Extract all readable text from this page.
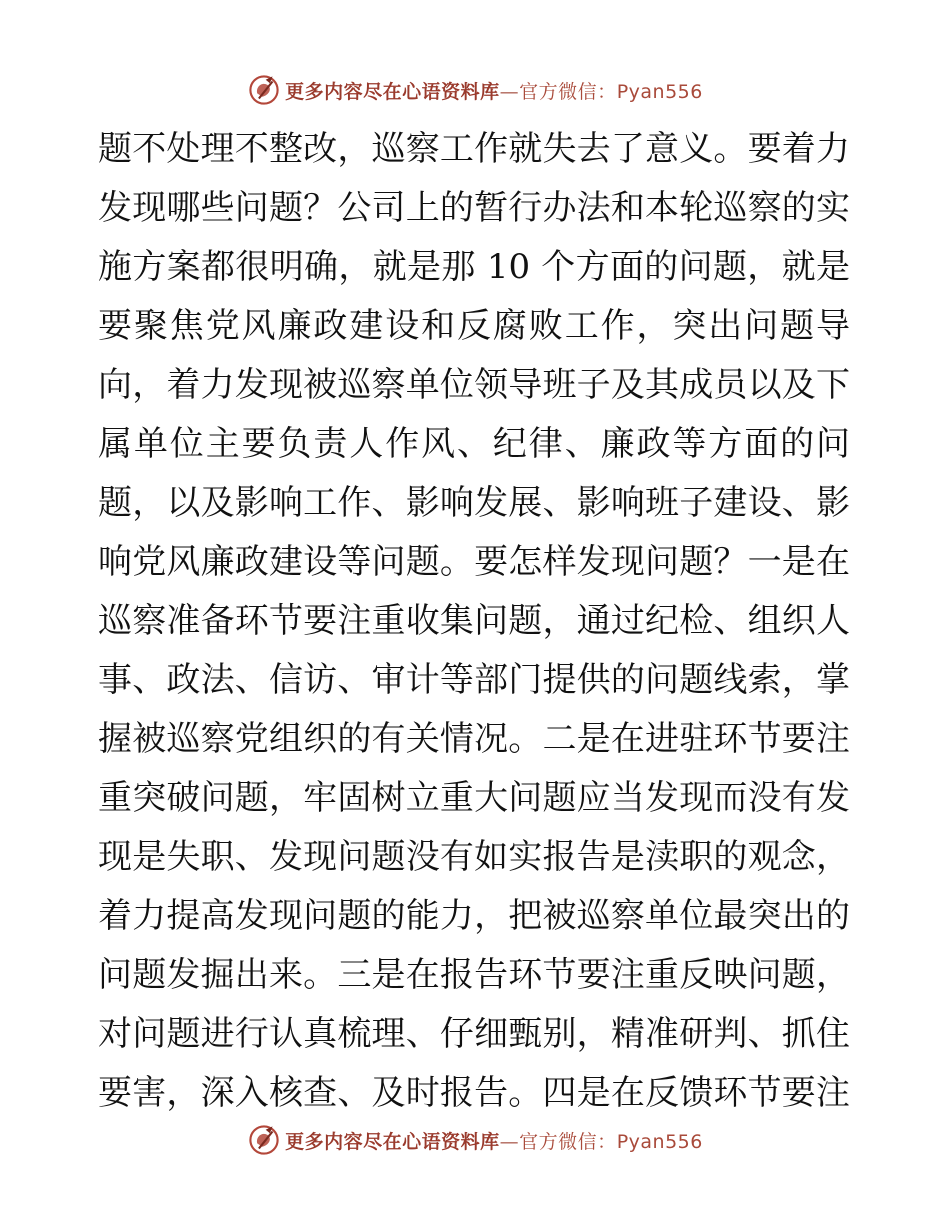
更多内容尽在心语资料库—官方微信：Pyan556
题不处理不整改，巡察工作就失去了意义。要着力
发现哪些问题？公司上的暂行办法和本轮巡察的实
施方案都很明确，就是那 10 个方面的问题，就是
要聚焦党风廉政建设和反腐败工作，突出问题导
向，着力发现被巡察单位领导班子及其成员以及下
属单位主要负责人作风、纪律、廉政等方面的问
题，以及影响工作、影响发展、影响班子建设、影
响党风廉政建设等问题。要怎样发现问题？一是在
巡察准备环节要注重收集问题，通过纪检、组织人
事、政法、信访、审计等部门提供的问题线索，掌
握被巡察党组织的有关情况。二是在进驻环节要注
重突破问题，牢固树立重大问题应当发现而没有发
现是失职、发现问题没有如实报告是渎职的观念，
着力提高发现问题的能力，把被巡察单位最突出的
问题发掘出来。三是在报告环节要注重反映问题，
对问题进行认真梳理、仔细甄别，精准研判、抓住
要害，深入核查、及时报告。四是在反馈环节要注
更多内容尽在心语资料库—官方微信：Pyan556
